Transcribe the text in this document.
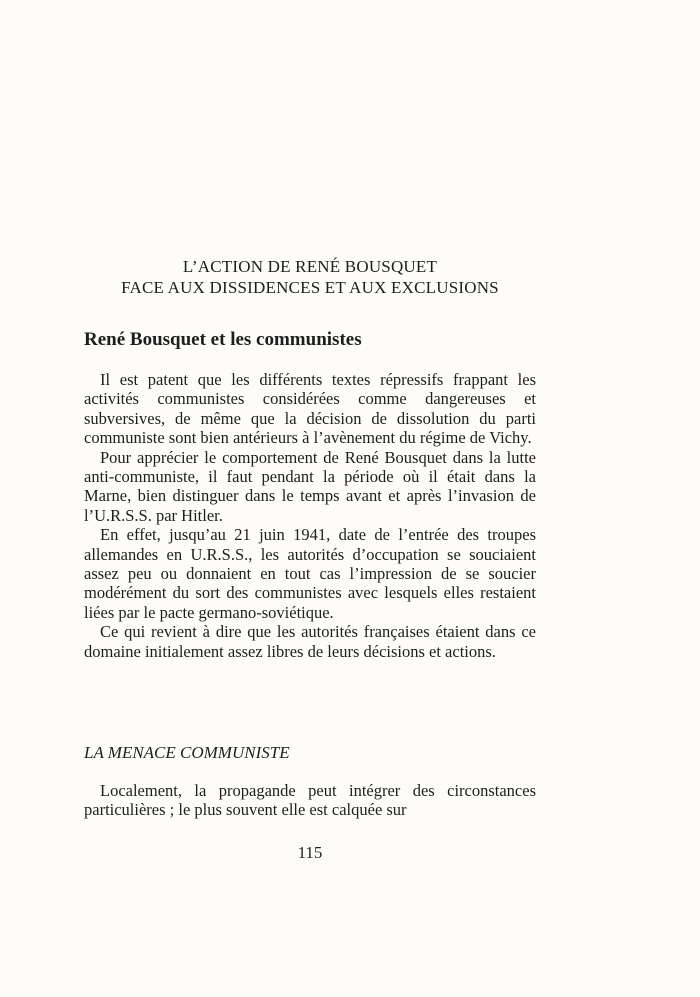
L’ACTION DE RENÉ BOUSQUET
FACE AUX DISSIDENCES ET AUX EXCLUSIONS
René Bousquet et les communistes

Il est patent que les différents textes répressifs frappant les activités communistes considérées comme dangereuses et subversives, de même que la décision de dissolution du parti communiste sont bien antérieurs à l’avènement du régime de Vichy.

Pour apprécier le comportement de René Bousquet dans la lutte anti-communiste, il faut pendant la période où il était dans la Marne, bien distinguer dans le temps avant et après l’invasion de l’U.R.S.S. par Hitler.

En effet, jusqu’au 21 juin 1941, date de l’entrée des troupes allemandes en U.R.S.S., les autorités d’occupation se souciaient assez peu ou donnaient en tout cas l’impression de se soucier modérément du sort des communistes avec lesquels elles restaient liées par le pacte germano-soviétique.

Ce qui revient à dire que les autorités françaises étaient dans ce domaine initialement assez libres de leurs décisions et actions.

LA MENACE COMMUNISTE

Localement, la propagande peut intégrer des circonstances particulières ; le plus souvent elle est calquée sur

115
